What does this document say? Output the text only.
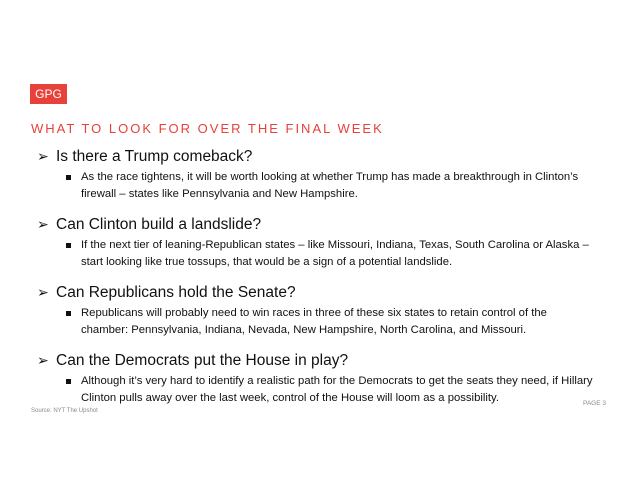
GPG
WHAT TO LOOK FOR OVER THE FINAL WEEK
➢ Is there a Trump comeback?
As the race tightens, it will be worth looking at whether Trump has made a breakthrough in Clinton’s firewall – states like Pennsylvania and New Hampshire.
➢ Can Clinton build a landslide?
If the next tier of leaning-Republican states – like Missouri, Indiana, Texas, South Carolina or Alaska – start looking like true tossups, that would be a sign of a potential landslide.
➢ Can Republicans hold the Senate?
Republicans will probably need to win races in three of these six states to retain control of the chamber: Pennsylvania, Indiana, Nevada, New Hampshire, North Carolina, and Missouri.
➢ Can the Democrats put the House in play?
Although it’s very hard to identify a realistic path for the Democrats to get the seats they need, if Hillary Clinton pulls away over the last week, control of the House will loom as a possibility.
Source: NYT The Upshot
PAGE 3
